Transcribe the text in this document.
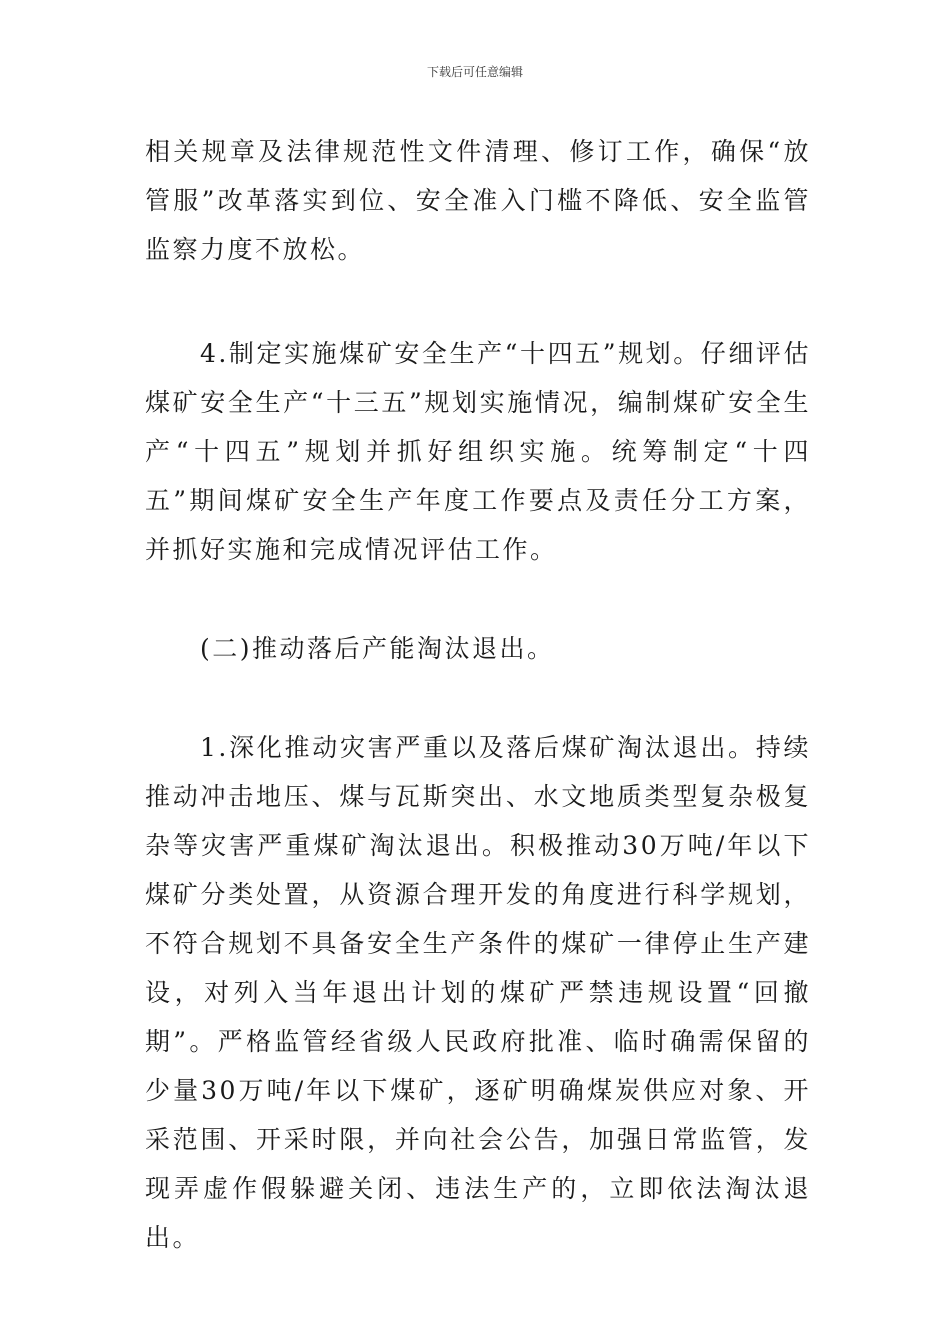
下载后可任意编辑

相关规章及法律规范性文件清理、修订工作，确保“放管服”改革落实到位、安全准入门槛不降低、安全监管监察力度不放松。

4.制定实施煤矿安全生产“十四五”规划。仔细评估煤矿安全生产“十三五”规划实施情况，编制煤矿安全生产“十四五”规划并抓好组织实施。统筹制定“十四五”期间煤矿安全生产年度工作要点及责任分工方案，并抓好实施和完成情况评估工作。

(二)推动落后产能淘汰退出。

1.深化推动灾害严重以及落后煤矿淘汰退出。持续推动冲击地压、煤与瓦斯突出、水文地质类型复杂极复杂等灾害严重煤矿淘汰退出。积极推动30万吨/年以下煤矿分类处置，从资源合理开发的角度进行科学规划，不符合规划不具备安全生产条件的煤矿一律停止生产建设，对列入当年退出计划的煤矿严禁违规设置“回撤期”。严格监管经省级人民政府批准、临时确需保留的少量30万吨/年以下煤矿，逐矿明确煤炭供应对象、开采范围、开采时限，并向社会公告，加强日常监管，发现弄虚作假躲避关闭、违法生产的，立即依法淘汰退出。
